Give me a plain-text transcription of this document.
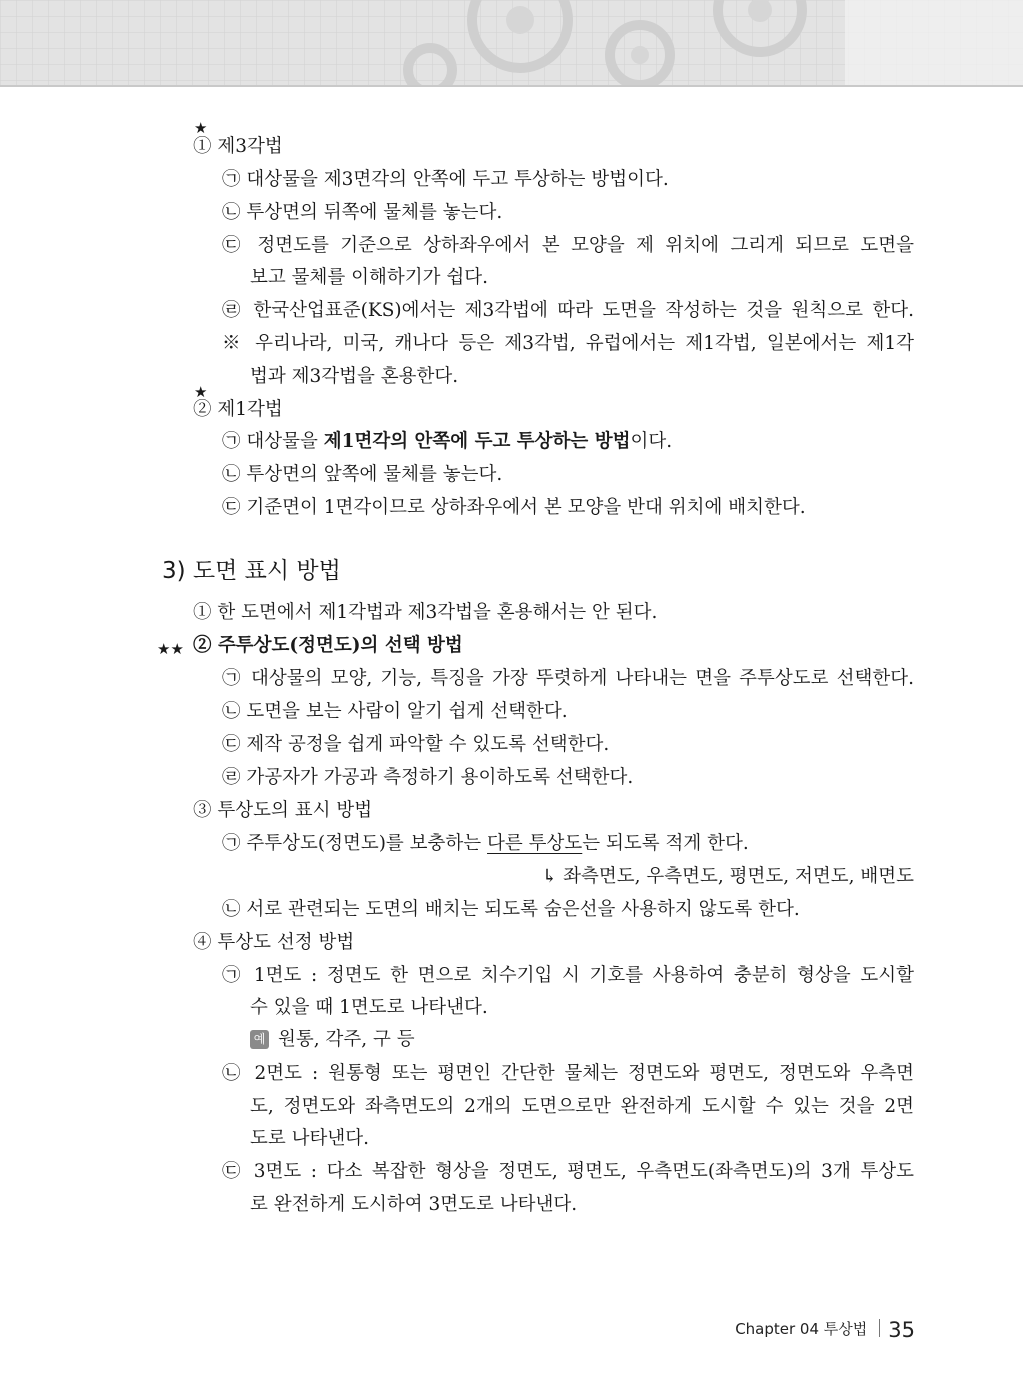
★
① 제3각법
㉠ 대상물을 제3면각의 안쪽에 두고 투상하는 방법이다.
㉡ 투상면의 뒤쪽에 물체를 놓는다.
㉢ 정면도를 기준으로 상하좌우에서 본 모양을 제 위치에 그리게 되므로 도면을
보고 물체를 이해하기가 쉽다.
㉣ 한국산업표준(KS)에서는 제3각법에 따라 도면을 작성하는 것을 원칙으로 한다.
※ 우리나라, 미국, 캐나다 등은 제3각법, 유럽에서는 제1각법, 일본에서는 제1각
법과 제3각법을 혼용한다.
★
② 제1각법
㉠ 대상물을 제1면각의 안쪽에 두고 투상하는 방법이다.
㉡ 투상면의 앞쪽에 물체를 놓는다.
㉢ 기준면이 1면각이므로 상하좌우에서 본 모양을 반대 위치에 배치한다.
3) 도면 표시 방법
① 한 도면에서 제1각법과 제3각법을 혼용해서는 안 된다.
★★ ② 주투상도(정면도)의 선택 방법
㉠ 대상물의 모양, 기능, 특징을 가장 뚜렷하게 나타내는 면을 주투상도로 선택한다.
㉡ 도면을 보는 사람이 알기 쉽게 선택한다.
㉢ 제작 공정을 쉽게 파악할 수 있도록 선택한다.
㉣ 가공자가 가공과 측정하기 용이하도록 선택한다.
③ 투상도의 표시 방법
㉠ 주투상도(정면도)를 보충하는 다른 투상도는 되도록 적게 한다.
↳ 좌측면도, 우측면도, 평면도, 저면도, 배면도
㉡ 서로 관련되는 도면의 배치는 되도록 숨은선을 사용하지 않도록 한다.
④ 투상도 선정 방법
㉠ 1면도 : 정면도 한 면으로 치수기입 시 기호를 사용하여 충분히 형상을 도시할
수 있을 때 1면도로 나타낸다.
예 원통, 각주, 구 등
㉡ 2면도 : 원통형 또는 평면인 간단한 물체는 정면도와 평면도, 정면도와 우측면
도, 정면도와 좌측면도의 2개의 도면으로만 완전하게 도시할 수 있는 것을 2면
도로 나타낸다.
㉢ 3면도 : 다소 복잡한 형상을 정면도, 평면도, 우측면도(좌측면도)의 3개 투상도
로 완전하게 도시하여 3면도로 나타낸다.
Chapter 04 투상법 35
